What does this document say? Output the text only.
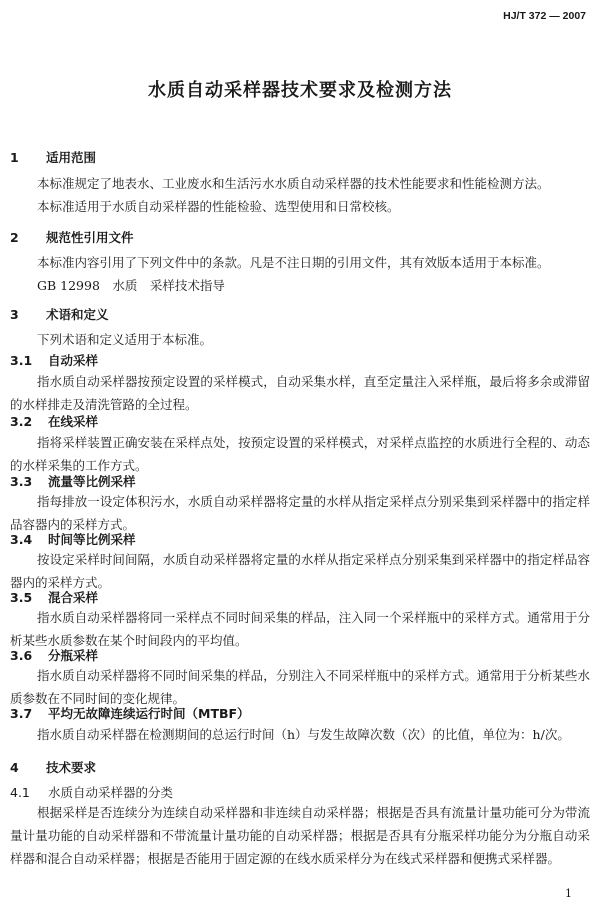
HJ/T 372 — 2007
水质自动采样器技术要求及检测方法
1 适用范围
本标准规定了地表水、工业废水和生活污水水质自动采样器的技术性能要求和性能检测方法。
本标准适用于水质自动采样器的性能检验、选型使用和日常校核。
2 规范性引用文件
本标准内容引用了下列文件中的条款。凡是不注日期的引用文件，其有效版本适用于本标准。
GB 12998　水质　采样技术指导
3 术语和定义
下列术语和定义适用于本标准。
3.1 自动采样
指水质自动采样器按预定设置的采样模式，自动采集水样，直至定量注入采样瓶，最后将多余或滞留的水样排走及清洗管路的全过程。
3.2 在线采样
指将采样装置正确安装在采样点处，按预定设置的采样模式，对采样点监控的水质进行全程的、动态的水样采集的工作方式。
3.3 流量等比例采样
指每排放一设定体积污水，水质自动采样器将定量的水样从指定采样点分别采集到采样器中的指定样品容器内的采样方式。
3.4 时间等比例采样
按设定采样时间间隔，水质自动采样器将定量的水样从指定采样点分别采集到采样器中的指定样品容器内的采样方式。
3.5 混合采样
指水质自动采样器将同一采样点不同时间采集的样品，注入同一个采样瓶中的采样方式。通常用于分析某些水质参数在某个时间段内的平均值。
3.6 分瓶采样
指水质自动采样器将不同时间采集的样品，分别注入不同采样瓶中的采样方式。通常用于分析某些水质参数在不同时间的变化规律。
3.7 平均无故障连续运行时间（MTBF）
指水质自动采样器在检测期间的总运行时间（h）与发生故障次数（次）的比值，单位为：h/次。
4 技术要求
4.1 水质自动采样器的分类
根据采样是否连续分为连续自动采样器和非连续自动采样器；根据是否具有流量计量功能可分为带流量计量功能的自动采样器和不带流量计量功能的自动采样器；根据是否具有分瓶采样功能分为分瓶自动采样器和混合自动采样器；根据是否能用于固定源的在线水质采样分为在线式采样器和便携式采样器。
1
